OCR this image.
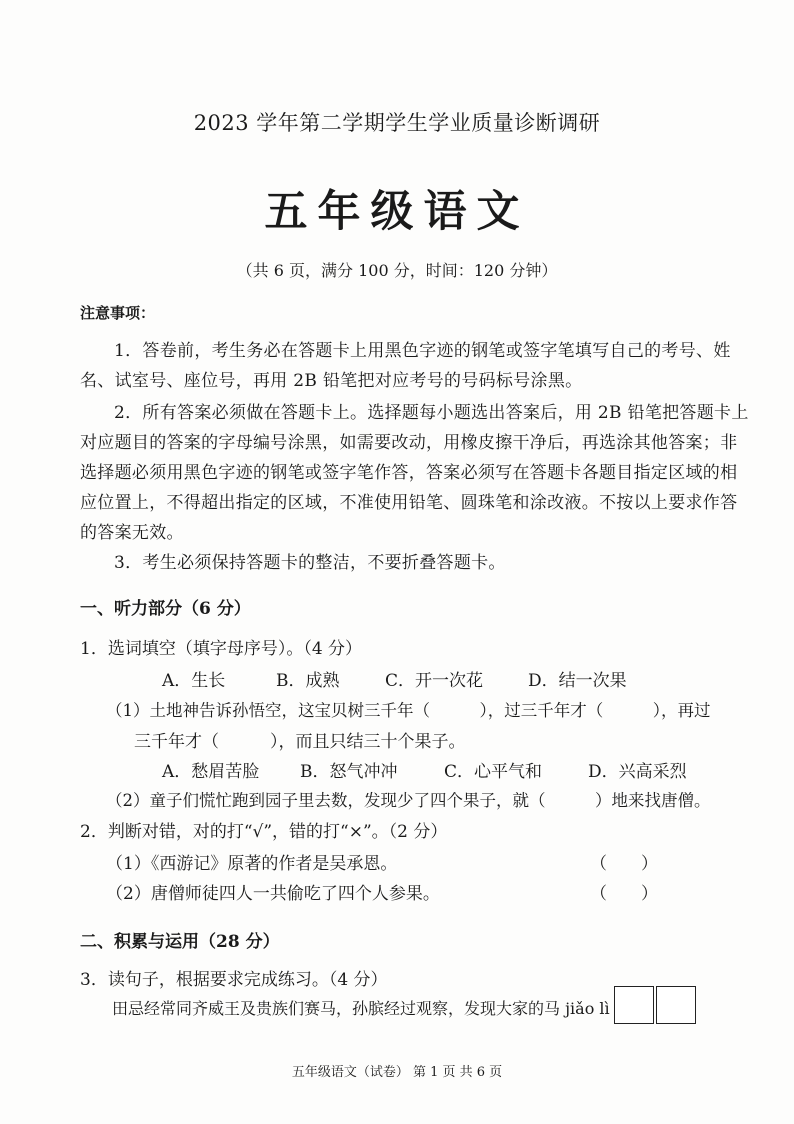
2023 学年第二学期学生学业质量诊断调研
五年级语文
（共 6 页，满分 100 分，时间：120 分钟）
注意事项：
1．答卷前，考生务必在答题卡上用黑色字迹的钢笔或签字笔填写自己的考号、姓
名、试室号、座位号，再用 2B 铅笔把对应考号的号码标号涂黑。
2．所有答案必须做在答题卡上。选择题每小题选出答案后，用 2B 铅笔把答题卡上
对应题目的答案的字母编号涂黑，如需要改动，用橡皮擦干净后，再选涂其他答案；非
选择题必须用黑色字迹的钢笔或签字笔作答，答案必须写在答题卡各题目指定区域的相
应位置上，不得超出指定的区域，不准使用铅笔、圆珠笔和涂改液。不按以上要求作答
的答案无效。
3．考生必须保持答题卡的整洁，不要折叠答题卡。
一、听力部分（6 分）
1．选词填空（填字母序号）。（4 分）
A．生长	B．成熟	C．开一次花	D．结一次果
（1）土地神告诉孙悟空，这宝贝树三千年（　　　），过三千年才（　　　），再过
三千年才（　　　），而且只结三十个果子。
A．愁眉苦脸 B．怒气冲冲	C．心平气和	D．兴高采烈
（2）童子们慌忙跑到园子里去数，发现少了四个果子，就（　　　）地来找唐僧。
2．判断对错，对的打“√”，错的打“×”。（2 分）
（1）《西游记》原著的作者是吴承恩。	（　　）
（2）唐僧师徒四人一共偷吃了四个人参果。	（　　）
二、积累与运用（28 分）
3．读句子，根据要求完成练习。（4 分）
田忌经常同齐威王及贵族们赛马，孙膑经过观察，发现大家的马 jiǎo lì
五年级语文（试卷） 第 1 页 共 6 页
